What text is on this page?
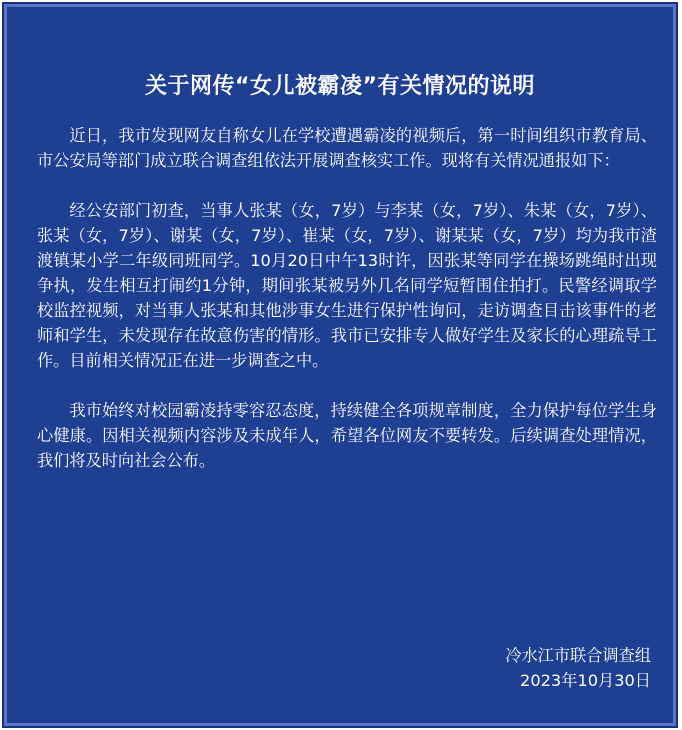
关于网传“女儿被霸凌”有关情况的说明

近日，我市发现网友自称女儿在学校遭遇霸凌的视频后，第一时间组织市教育局、市公安局等部门成立联合调查组依法开展调查核实工作。现将有关情况通报如下：

经公安部门初查，当事人张某（女，7岁）与李某（女，7岁）、朱某（女，7岁）、张某（女，7岁）、谢某（女，7岁）、崔某（女，7岁）、谢某某（女，7岁）均为我市渣渡镇某小学二年级同班同学。10月20日中午13时许，因张某等同学在操场跳绳时出现争执，发生相互打闹约1分钟，期间张某被另外几名同学短暂围住拍打。民警经调取学校监控视频，对当事人张某和其他涉事女生进行保护性询问，走访调查目击该事件的老师和学生，未发现存在故意伤害的情形。我市已安排专人做好学生及家长的心理疏导工作。目前相关情况正在进一步调查之中。

我市始终对校园霸凌持零容忍态度，持续健全各项规章制度，全力保护每位学生身心健康。因相关视频内容涉及未成年人，希望各位网友不要转发。后续调查处理情况，我们将及时向社会公布。

冷水江市联合调查组
2023年10月30日
